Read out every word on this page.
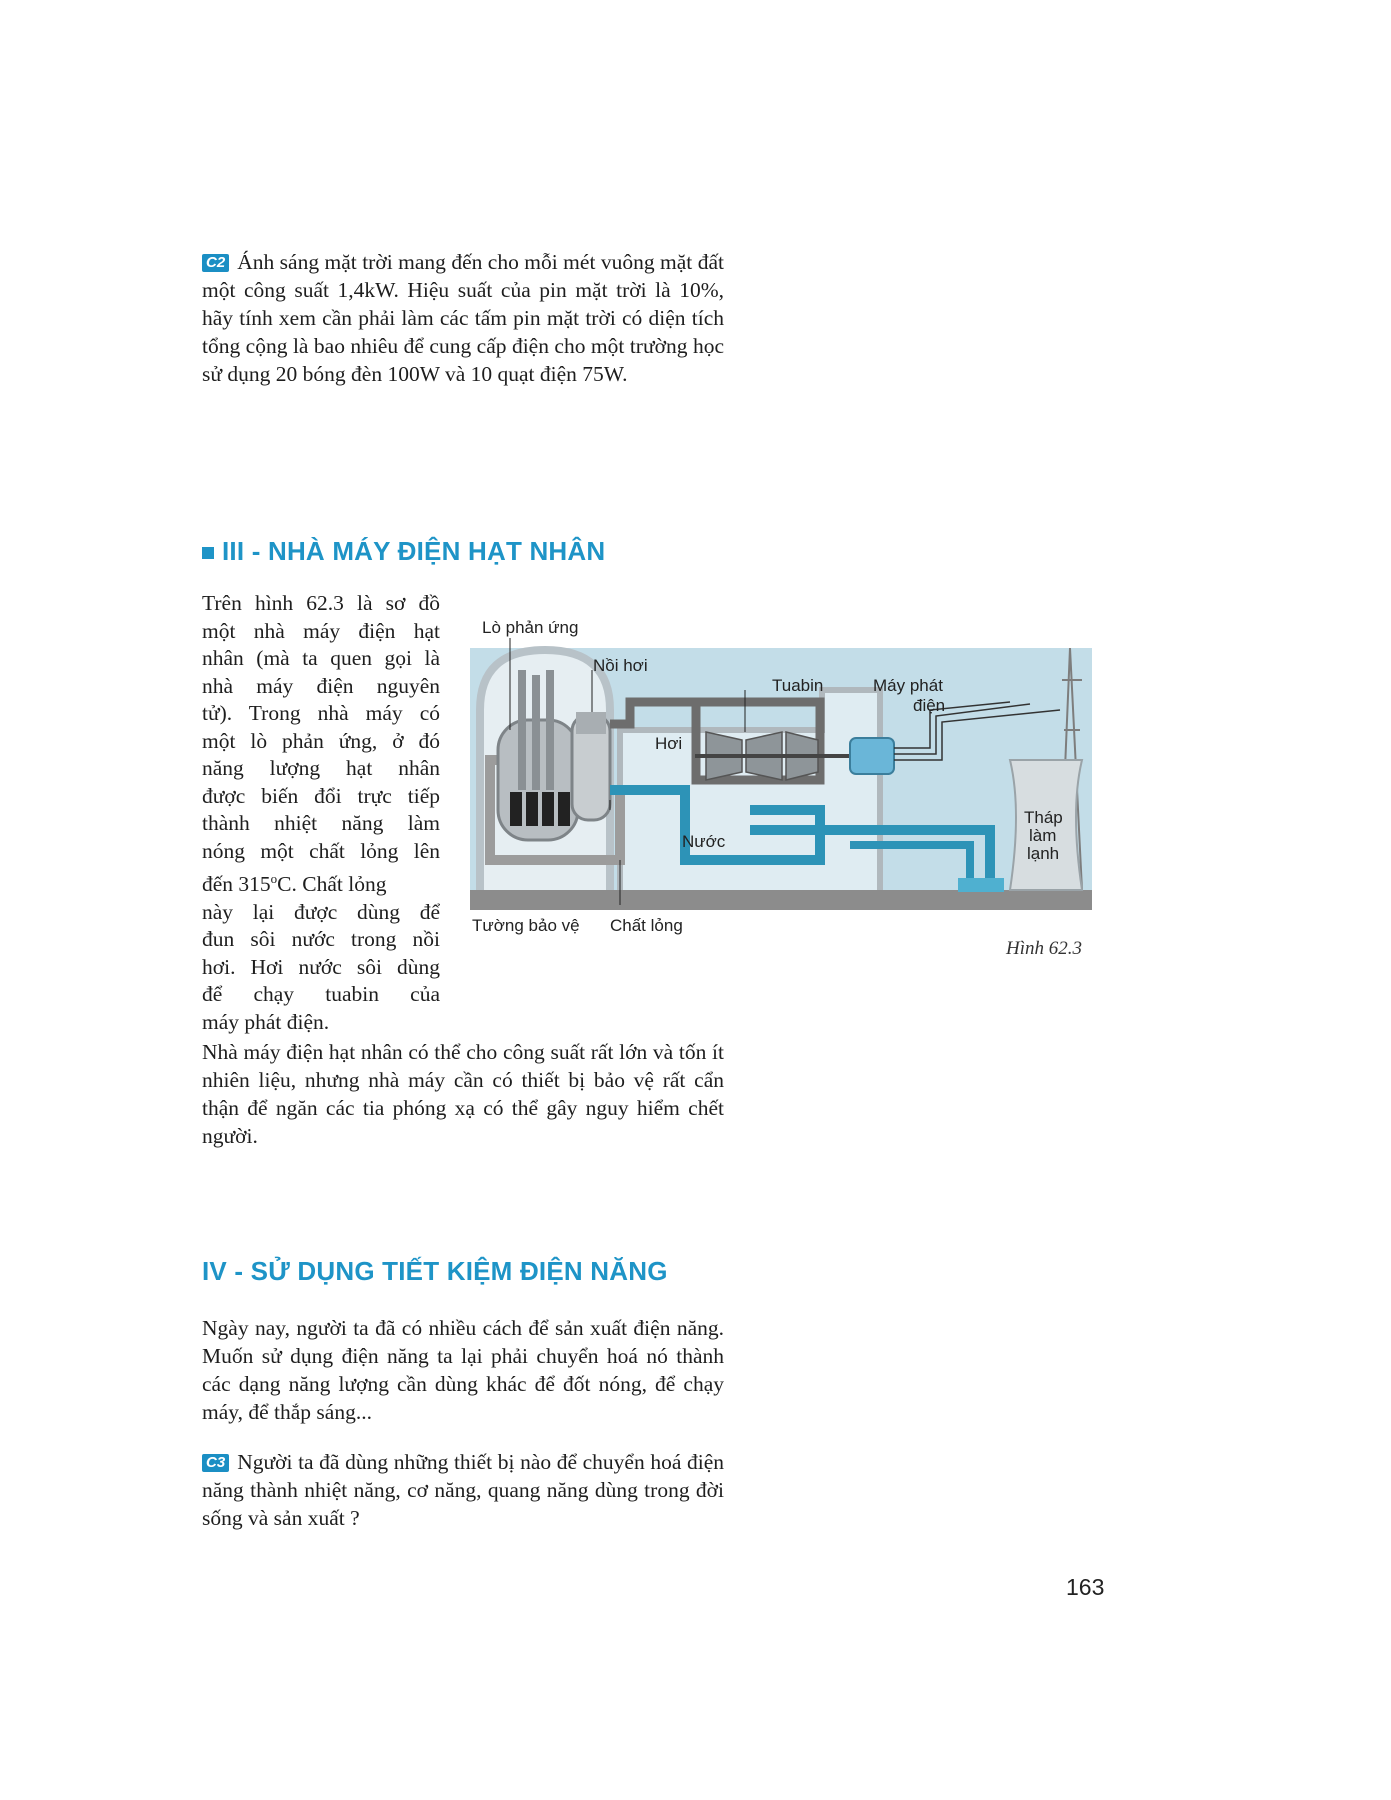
C2 Ánh sáng mặt trời mang đến cho mỗi mét vuông mặt đất một công suất 1,4kW. Hiệu suất của pin mặt trời là 10%, hãy tính xem cần phải làm các tấm pin mặt trời có diện tích tổng cộng là bao nhiêu để cung cấp điện cho một trường học sử dụng 20 bóng đèn 100W và 10 quạt điện 75W.

III - NHÀ MÁY ĐIỆN HẠT NHÂN
Trên hình 62.3 là sơ đồ
một nhà máy điện hạt
nhân (mà ta quen gọi là
nhà máy điện nguyên
tử). Trong nhà máy có
một lò phản ứng, ở đó
năng lượng hạt nhân
được biến đổi trực tiếp
thành nhiệt năng làm
nóng một chất lỏng lên
đến 315$^o$C. Chất lỏng
này lại được dùng để
đun sôi nước trong nồi
hơi. Hơi nước sôi dùng
để chạy tuabin của
máy phát điện.

Lò phản ứng

Nồi hơi

Tuabin	Máy phát

điện

Hơi

Nước

Tháp

làm

lạnh

Tường bảo vệ Chất lỏng

Hình 62.3

Nhà máy điện hạt nhân có thể cho công suất rất lớn và tốn ít nhiên liệu, nhưng nhà máy cần có thiết bị bảo vệ rất cẩn thận để ngăn các tia phóng xạ có thể gây nguy hiểm chết người.

IV - SỬ DỤNG TIẾT KIỆM ĐIỆN NĂNG

Ngày nay, người ta đã có nhiều cách để sản xuất điện năng. Muốn sử dụng điện năng ta lại phải chuyển hoá nó thành các dạng năng lượng cần dùng khác để đốt nóng, để chạy máy, để thắp sáng...

C3 Người ta đã dùng những thiết bị nào để chuyển hoá điện năng thành nhiệt năng, cơ năng, quang năng dùng trong đời sống và sản xuất ?

163
